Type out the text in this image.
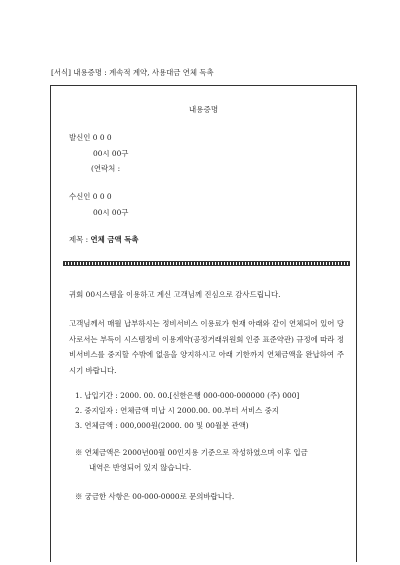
[서식] 내용증명 : 계속적 계약, 사용대금 연체 독촉
내용증명
발신인 0 0 0
00시 00구
(연락처 :
수신인 0 0 0
00시 00구
제목 : 연체 금액 독촉
귀회 00시스템을 이용하고 계신 고객님께 진심으로 감사드립니다.
고객님께서 매월 납부하시는 정비서비스 이용료가 현재 아래와 같이 연체되어 있어 당사로서는 부득이 시스템정비 이용계약(공정거래위원회 인증 표준약관) 규정에 따라 정비서비스를 중지할 수밖에 없음을 양지하시고 아래 기한까지 연체금액을 완납하여 주시기 바랍니다.
1. 납입기간 : 2000. 00. 00.[신한은행 000-000-000000 (주) 000]
2. 중지일자 : 연체금액 미납 시 2000.00. 00.부터 서비스 중지
3. 연체금액 : 000,000원(2000. 00 및 00월분 관액)
※ 연체금액은 2000년00월 00인지용 기준으로 작성하였으며 이후 입금
내역은 반영되어 있지 않습니다.
※ 궁금한 사항은 00-000-0000로 문의바랍니다.
